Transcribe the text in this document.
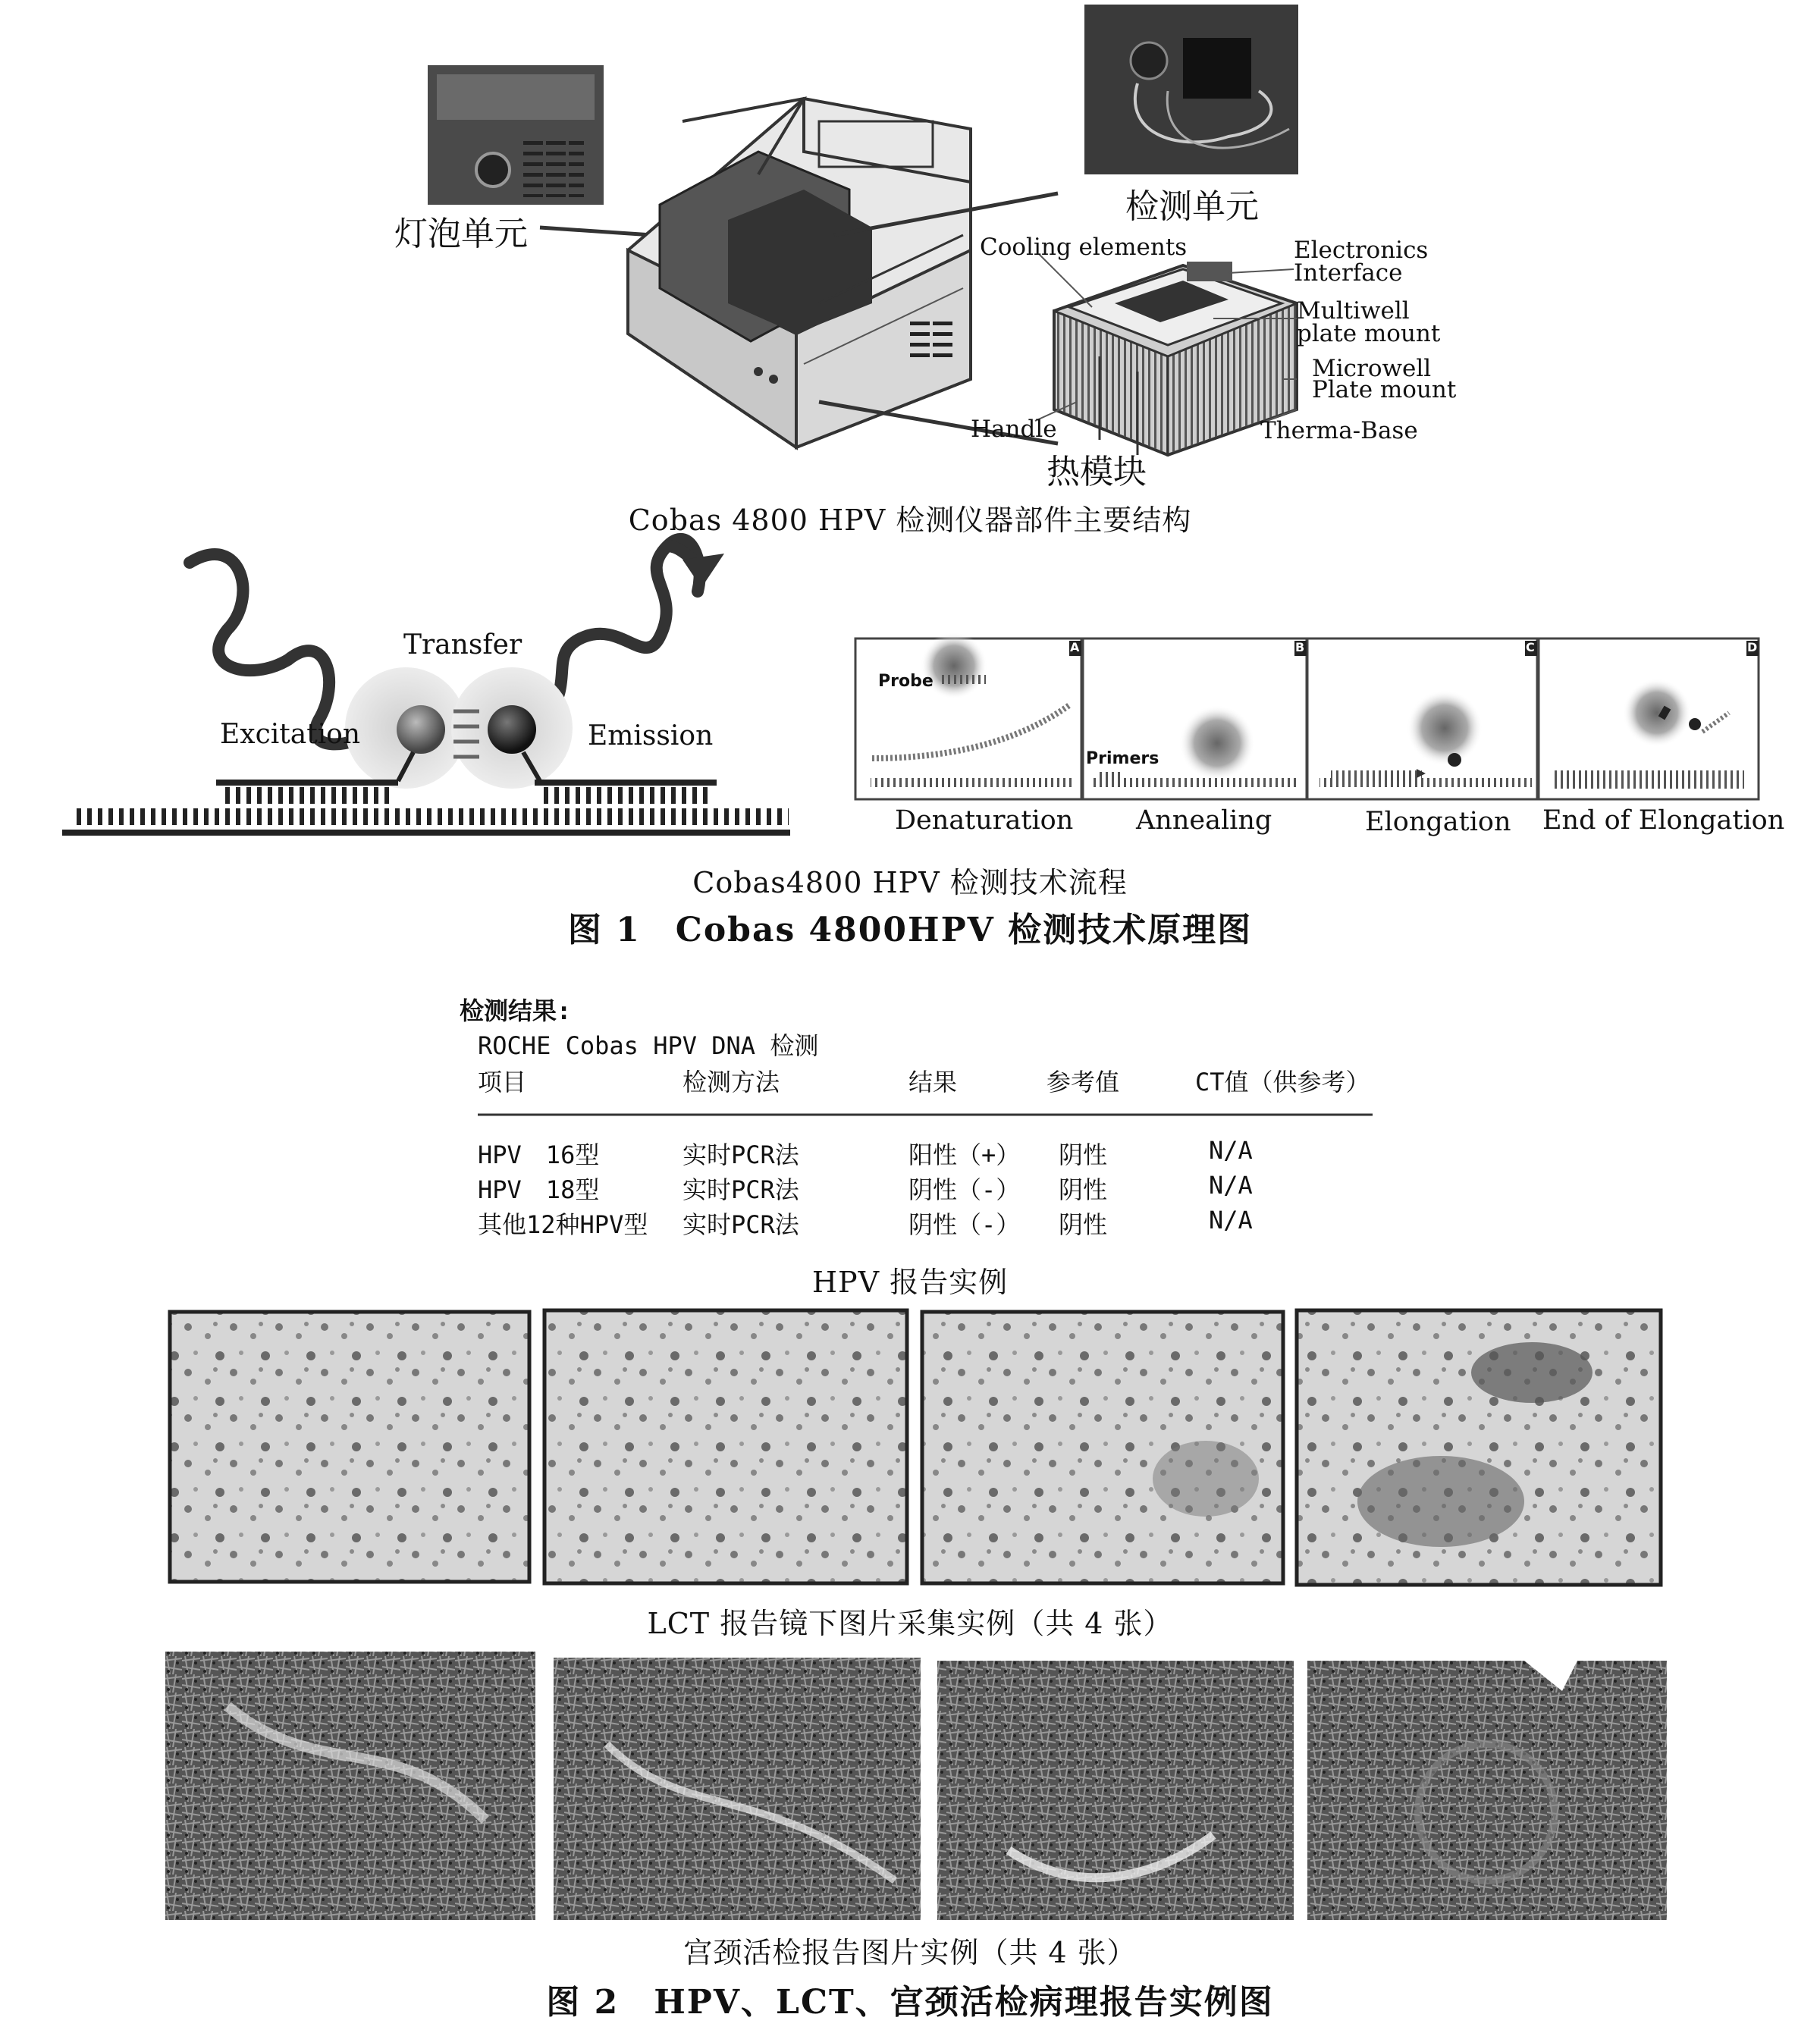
灯泡单元
检测单元
Cooling elements	Electronics
Interface
Multiwell
plate mount
Microwell
Plate mount
Handle	Therma-Base
热模块
Cobas 4800 HPV 检测仪器部件主要结构
Transfer
Excitation	Emission
A	B	C	D
Probe
Primers
Denaturation Annealing	Elongation End of Elongation
Cobas4800 HPV 检测技术流程
图 1　Cobas 4800HPV 检测技术原理图
检测结果:
ROCHE Cobas HPV DNA 检测
项目	检测方法	结果	参考值	CT值（供参考）
HPV　16型	实时PCR法	阳性（+） 阴性	N/A
HPV　18型	实时PCR法	阴性（-） 阴性	N/A
其他12种HPV型 实时PCR法	阴性（-） 阴性	N/A
HPV 报告实例
LCT 报告镜下图片采集实例（共 4 张）
宫颈活检报告图片实例（共 4 张）
图 2　HPV、LCT、宫颈活检病理报告实例图
